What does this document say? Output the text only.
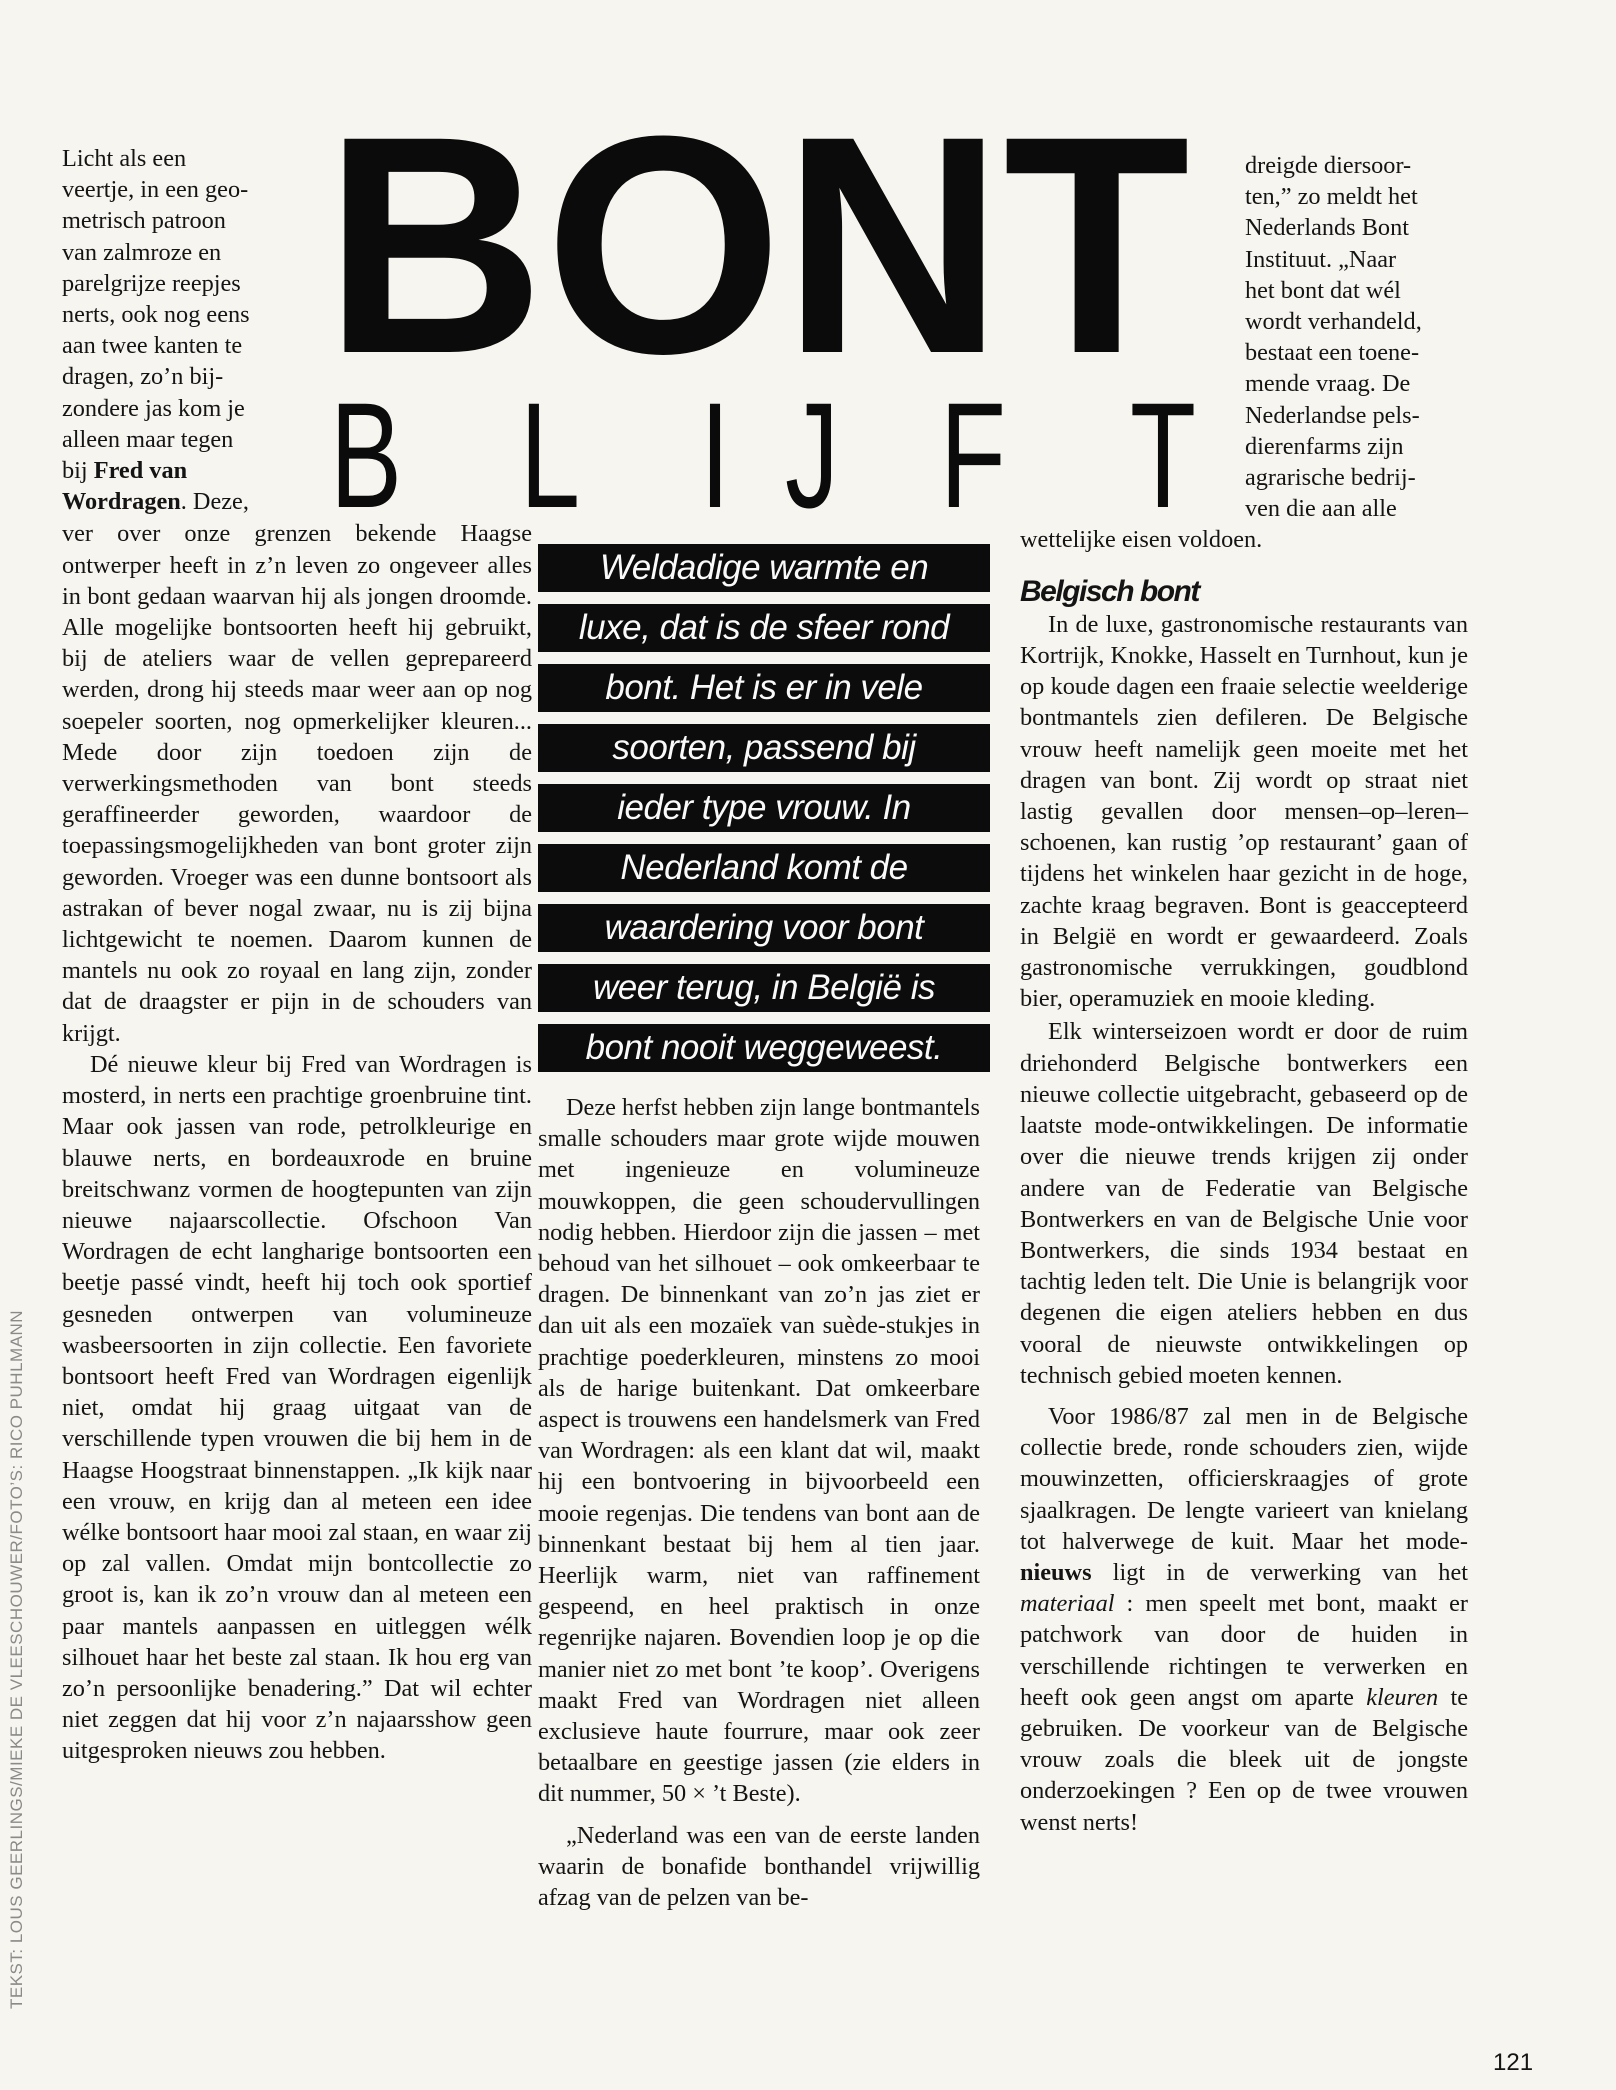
BONT
B L I J F T
Licht als een
veertje, in een geo-
metrisch patroon
van zalmroze en
parelgrijze reepjes
nerts, ook nog eens
aan twee kanten te
dragen, zo’n bij-
zondere jas kom je
alleen maar tegen
bij Fred van
Wordragen. Deze,

ver over onze grenzen bekende Haagse ontwerper heeft in z’n leven zo ongeveer alles in bont gedaan waarvan hij als jongen droomde. Alle mogelijke bontsoorten heeft hij gebruikt, bij de ateliers waar de vellen geprepareerd werden, drong hij steeds maar weer aan op nog soepeler soorten, nog opmerkelijker kleuren... Mede door zijn toedoen zijn de verwerkingsmethoden van bont steeds geraffineerder geworden, waardoor de toepassingsmogelijkheden van bont groter zijn geworden. Vroeger was een dunne bontsoort als astrakan of bever nogal zwaar, nu is zij bijna lichtgewicht te noemen. Daarom kunnen de mantels nu ook zo royaal en lang zijn, zonder dat de draagster er pijn in de schouders van krijgt.

Dé nieuwe kleur bij Fred van Wordragen is mosterd, in nerts een prachtige groenbruine tint. Maar ook jassen van rode, petrolkleurige en blauwe nerts, en bordeauxrode en bruine breitschwanz vormen de hoogtepunten van zijn nieuwe najaarscollectie. Ofschoon Van Wordragen de echt langharige bontsoorten een beetje passé vindt, heeft hij toch ook sportief gesneden ontwerpen van volumineuze wasbeersoorten in zijn collectie. Een favoriete bontsoort heeft Fred van Wordragen eigenlijk niet, omdat hij graag uitgaat van de verschillende typen vrouwen die bij hem in de Haagse Hoogstraat binnenstappen. „Ik kijk naar een vrouw, en krijg dan al meteen een idee wélke bontsoort haar mooi zal staan, en waar zij op zal vallen. Omdat mijn bontcollectie zo groot is, kan ik zo’n vrouw dan al meteen een paar mantels aanpassen en uitleggen wélk silhouet haar het beste zal staan. Ik hou erg van zo’n persoonlijke benadering.” Dat wil echter niet zeggen dat hij voor z’n najaarsshow geen uitgesproken nieuws zou hebben.

Weldadige warmte en
luxe, dat is de sfeer rond
bont. Het is er in vele
soorten, passend bij
ieder type vrouw. In
Nederland komt de
waardering voor bont
weer terug, in België is
bont nooit weggeweest.

Deze herfst hebben zijn lange bontmantels smalle schouders maar grote wijde mouwen met ingenieuze en volumineuze mouwkoppen, die geen schoudervullingen nodig hebben. Hierdoor zijn die jassen – met behoud van het silhouet – ook omkeerbaar te dragen. De binnenkant van zo’n jas ziet er dan uit als een mozaïek van suède-stukjes in prachtige poederkleuren, minstens zo mooi als de harige buitenkant. Dat omkeerbare aspect is trouwens een handelsmerk van Fred van Wordragen: als een klant dat wil, maakt hij een bontvoering in bijvoorbeeld een mooie regenjas. Die tendens van bont aan de binnenkant bestaat bij hem al tien jaar. Heerlijk warm, niet van raffinement gespeend, en heel praktisch in onze regenrijke najaren. Bovendien loop je op die manier niet zo met bont ’te koop’. Overigens maakt Fred van Wordragen niet alleen exclusieve haute fourrure, maar ook zeer betaalbare en geestige jassen (zie elders in dit nummer, 50 × ’t Beste).

„Nederland was een van de eerste landen waarin de bonafide bonthandel vrijwillig afzag van de pelzen van be-

dreigde diersoor-
ten,” zo meldt het
Nederlands Bont
Instituut. „Naar
het bont dat wél
wordt verhandeld,
bestaat een toene-
mende vraag. De
Nederlandse pels-
dierenfarms zijn
agrarische bedrij-
ven die aan alle

wettelijke eisen voldoen.

Belgisch bont

In de luxe, gastronomische restaurants van Kortrijk, Knokke, Hasselt en Turnhout, kun je op koude dagen een fraaie selectie weelderige bontmantels zien defileren. De Belgische vrouw heeft namelijk geen moeite met het dragen van bont. Zij wordt op straat niet lastig gevallen door mensen–op–leren–schoenen, kan rustig ’op restaurant’ gaan of tijdens het winkelen haar gezicht in de hoge, zachte kraag begraven. Bont is geaccepteerd in België en wordt er gewaardeerd. Zoals gastronomische verrukkingen, goudblond bier, operamuziek en mooie kleding.

Elk winterseizoen wordt er door de ruim driehonderd Belgische bontwerkers een nieuwe collectie uitgebracht, gebaseerd op de laatste mode-ontwikkelingen. De informatie over die nieuwe trends krijgen zij onder andere van de Federatie van Belgische Bontwerkers en van de Belgische Unie voor Bontwerkers, die sinds 1934 bestaat en tachtig leden telt. Die Unie is belangrijk voor degenen die eigen ateliers hebben en dus vooral de nieuwste ontwikkelingen op technisch gebied moeten kennen.

Voor 1986/87 zal men in de Belgische collectie brede, ronde schouders zien, wijde mouwinzetten, officierskraagjes of grote sjaalkragen. De lengte varieert van knielang tot halverwege de kuit. Maar het mode-nieuws ligt in de verwerking van het materiaal : men speelt met bont, maakt er patchwork van door de huiden in verschillende richtingen te verwerken en heeft ook geen angst om aparte kleuren te gebruiken. De voorkeur van de Belgische vrouw zoals die bleek uit de jongste onderzoekingen ? Een op de twee vrouwen wenst nerts!

TEKST: LOUS GEERLINGS/MIEKE DE VLEESCHOUWER/FOTO’S: RICO PUHLMANN
121
